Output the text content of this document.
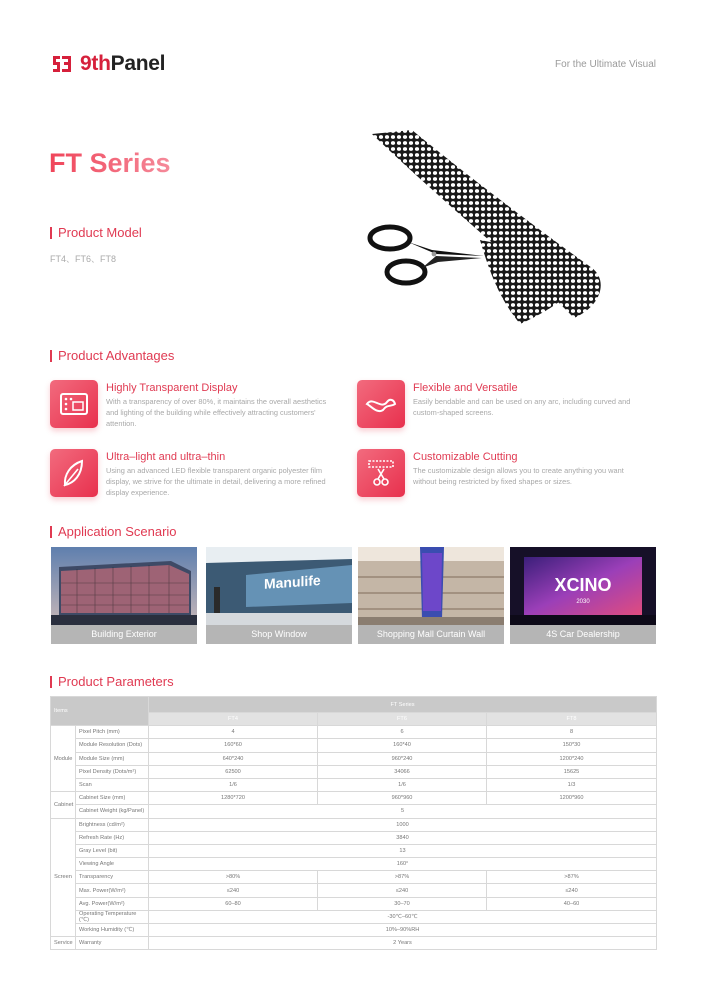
9thPanel	For the Ultimate Visual
FT Series
Product Model
FT4、FT6、FT8
Product Advantages
Highly Transparent Display
With a transparency of over 80%, it maintains the overall aesthetics and lighting of the building while effectively attracting customers' attention.
Flexible and Versatile
Easily bendable and can be used on any arc, including curved and custom-shaped screens.
Ultra–light and ultra–thin
Using an advanced LED flexible transparent organic polyester film display, we strive for the ultimate in detail, delivering a more refined display experience.
Customizable Cutting
The customizable design allows you to create anything you want without being restricted by fixed shapes or sizes.
Application Scenario
Building Exterior
Manulife
Shop Window	Shopping Mall Curtain Wall
XCINO
2030
4S Car Dealership
Product Parameters
Items		FT Series		
		FT4	FT6	FT8
Module	Pixel Pitch (mm)	4	6	8
	Module Resolution (Dots)	160*60	160*40	150*30
	Module Size (mm)	640*240	960*240	1200*240
	Pixel Density (Dots/m²)	62500	34066	15625
	Scan	1/6	1/6	1/3
Cabinet	Cabinet Size (mm)	1280*720	960*960	1200*960
	Cabinet Weight (kg/Panel)	5		
Screen	Brightness (cd/m²)	1000		
	Refresh Rate (Hz)	3840		
	Gray Level (bit)	13		
	Viewing Angle	160°		
	Transparency	>80%	>87%	>87%
	Max. Power(W/m²)	≤240	≤240	≤240
	Avg. Power(W/m²)	60–80	30–70	40–60
	Operating Temperature (℃)	-30℃–60℃		
	Working Humidity (℃)	10%–90%RH		
Service	Warranty	2 Years		
